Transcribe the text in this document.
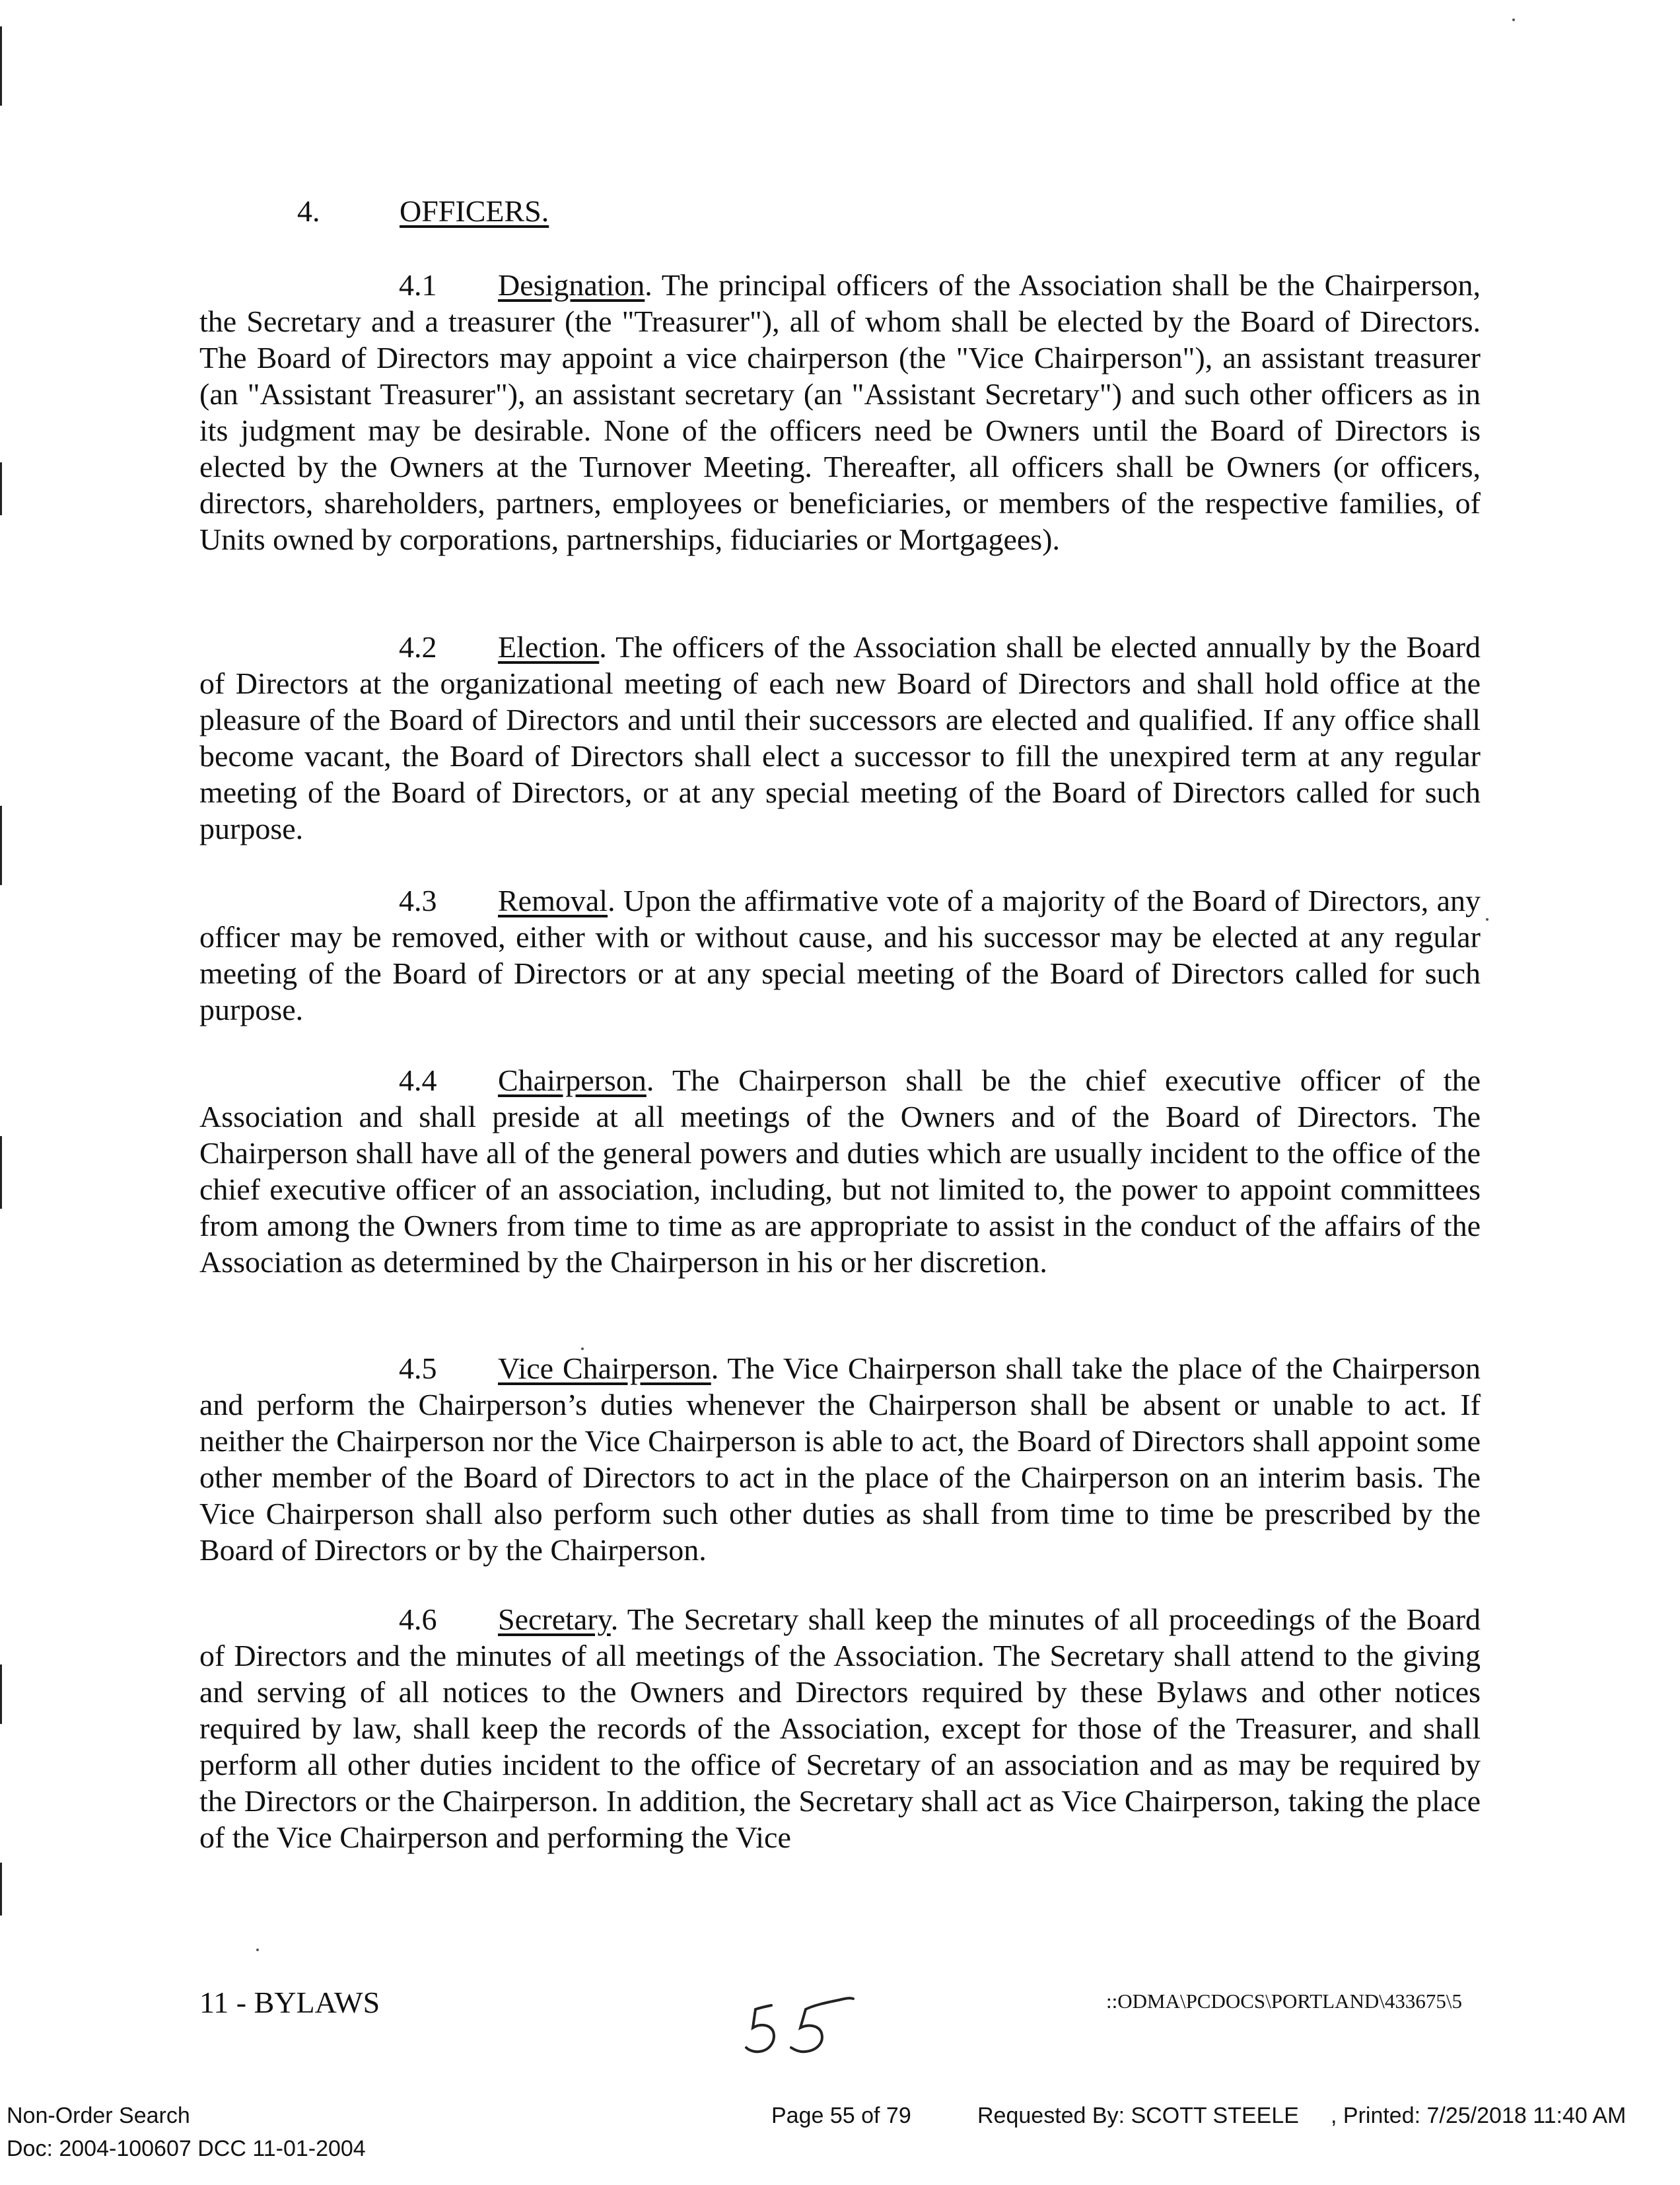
4.	OFFICERS.
4.1 Designation. The principal officers of the Association shall be the Chairperson, the Secretary and a treasurer (the "Treasurer"), all of whom shall be elected by the Board of Directors. The Board of Directors may appoint a vice chairperson (the "Vice Chairperson"), an assistant treasurer (an "Assistant Treasurer"), an assistant secretary (an "Assistant Secretary") and such other officers as in its judgment may be desirable. None of the officers need be Owners until the Board of Directors is elected by the Owners at the Turnover Meeting. Thereafter, all officers shall be Owners (or officers, directors, shareholders, partners, employees or beneficiaries, or members of the respective families, of Units owned by corporations, partnerships, fiduciaries or Mortgagees).
4.2 Election. The officers of the Association shall be elected annually by the Board of Directors at the organizational meeting of each new Board of Directors and shall hold office at the pleasure of the Board of Directors and until their successors are elected and qualified. If any office shall become vacant, the Board of Directors shall elect a successor to fill the unexpired term at any regular meeting of the Board of Directors, or at any special meeting of the Board of Directors called for such purpose.
4.3 Removal. Upon the affirmative vote of a majority of the Board of Directors, any officer may be removed, either with or without cause, and his successor may be elected at any regular meeting of the Board of Directors or at any special meeting of the Board of Directors called for such purpose.
4.4 Chairperson. The Chairperson shall be the chief executive officer of the Association and shall preside at all meetings of the Owners and of the Board of Directors. The Chairperson shall have all of the general powers and duties which are usually incident to the office of the chief executive officer of an association, including, but not limited to, the power to appoint committees from among the Owners from time to time as are appropriate to assist in the conduct of the affairs of the Association as determined by the Chairperson in his or her discretion.
4.5 Vice Chairperson. The Vice Chairperson shall take the place of the Chairperson and perform the Chairperson’s duties whenever the Chairperson shall be absent or unable to act. If neither the Chairperson nor the Vice Chairperson is able to act, the Board of Directors shall appoint some other member of the Board of Directors to act in the place of the Chairperson on an interim basis. The Vice Chairperson shall also perform such other duties as shall from time to time be prescribed by the Board of Directors or by the Chairperson.
4.6 Secretary. The Secretary shall keep the minutes of all proceedings of the Board of Directors and the minutes of all meetings of the Association. The Secretary shall attend to the giving and serving of all notices to the Owners and Directors required by these Bylaws and other notices required by law, shall keep the records of the Association, except for those of the Treasurer, and shall perform all other duties incident to the office of Secretary of an association and as may be required by the Directors or the Chairperson. In addition, the Secretary shall act as Vice Chairperson, taking the place of the Vice Chairperson and performing the Vice
11 - BYLAWS	::ODMA\PCDOCS\PORTLAND\433675\5
Non-Order Search
Doc: 2004-100607 DCC 11-01-2004
Page 55 of 79	Requested By: SCOTT STEELE , Printed: 7/25/2018 11:40 AM
